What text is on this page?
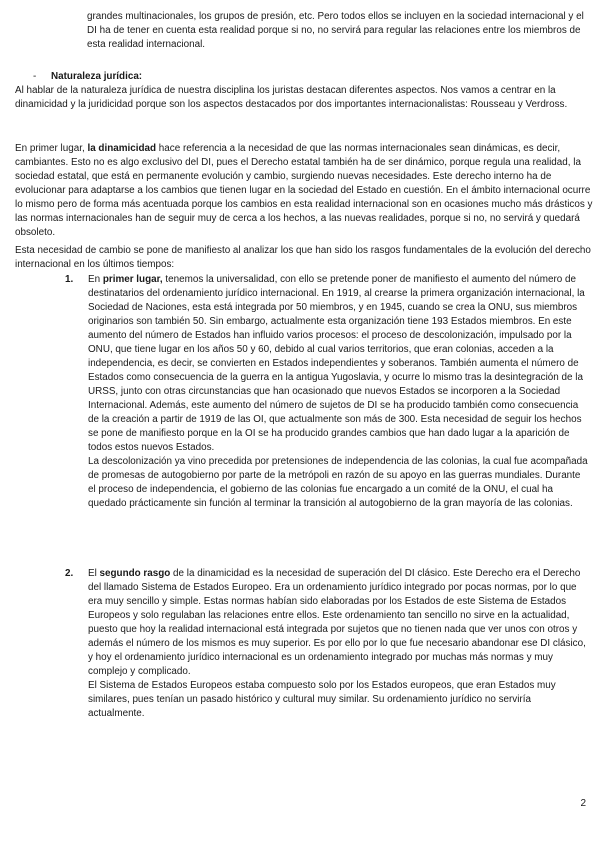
grandes multinacionales, los grupos de presión, etc. Pero todos ellos se incluyen en la sociedad internacional y el DI ha de tener en cuenta esta realidad porque si no, no servirá para regular las relaciones entre los miembros de esta realidad internacional.

- Naturaleza jurídica:

Al hablar de la naturaleza jurídica de nuestra disciplina los juristas destacan diferentes aspectos. Nos vamos a centrar en la dinamicidad y la juridicidad porque son los aspectos destacados por dos importantes internacionalistas: Rousseau y Verdross.

En primer lugar, la dinamicidad hace referencia a la necesidad de que las normas internacionales sean dinámicas, es decir, cambiantes. Esto no es algo exclusivo del DI, pues el Derecho estatal también ha de ser dinámico, porque regula una realidad, la sociedad estatal, que está en permanente evolución y cambio, surgiendo nuevas necesidades. Este derecho interno ha de evolucionar para adaptarse a los cambios que tienen lugar en la sociedad del Estado en cuestión. En el ámbito internacional ocurre lo mismo pero de forma más acentuada porque los cambios en esta realidad internacional son en ocasiones mucho más drásticos y las normas internacionales han de seguir muy de cerca a los hechos, a las nuevas realidades, porque si no, no servirá y quedará obsoleto.

Esta necesidad de cambio se pone de manifiesto al analizar los que han sido los rasgos fundamentales de la evolución del derecho internacional en los últimos tiempos:

1.	En primer lugar, tenemos la universalidad, con ello se pretende poner de manifiesto el aumento del número de destinatarios del ordenamiento jurídico internacional. En 1919, al crearse la primera organización internacional, la Sociedad de Naciones, esta está integrada por 50 miembros, y en 1945, cuando se crea la ONU, sus miembros originarios son también 50. Sin embargo, actualmente esta organización tiene 193 Estados miembros. En este aumento del número de Estados han influido varios procesos: el proceso de descolonización, impulsado por la ONU, que tiene lugar en los años 50 y 60, debido al cual varios territorios, que eran colonias, acceden a la independencia, es decir, se convierten en Estados independientes y soberanos. También aumenta el número de Estados como consecuencia de la guerra en la antigua Yugoslavia, y ocurre lo mismo tras la desintegración de la URSS, junto con otras circunstancias que han ocasionado que nuevos Estados se incorporen a la Sociedad Internacional. Además, este aumento del número de sujetos de DI se ha producido también como consecuencia de la creación a partir de 1919 de las OI, que actualmente son más de 300. Esta necesidad de seguir los hechos se pone de manifiesto porque en la OI se ha producido grandes cambios que han dado lugar a la aparición de todos estos nuevos Estados.

La descolonización ya vino precedida por pretensiones de independencia de las colonias, la cual fue acompañada de promesas de autogobierno por parte de la metrópoli en razón de su apoyo en las guerras mundiales. Durante el proceso de independencia, el gobierno de las colonias fue encargado a un comité de la ONU, el cual ha quedado prácticamente sin función al terminar la transición al autogobierno de la gran mayoría de las colonias.

2.	El segundo rasgo de la dinamicidad es la necesidad de superación del DI clásico. Este Derecho era el Derecho del llamado Sistema de Estados Europeo. Era un ordenamiento jurídico integrado por pocas normas, por lo que era muy sencillo y simple. Estas normas habían sido elaboradas por los Estados de este Sistema de Estados Europeos y solo regulaban las relaciones entre ellos. Este ordenamiento tan sencillo no sirve en la actualidad, puesto que hoy la realidad internacional está integrada por sujetos que no tienen nada que ver unos con otros y además el número de los mismos es muy superior. Es por ello por lo que fue necesario abandonar ese DI clásico, y hoy el ordenamiento jurídico internacional es un ordenamiento integrado por muchas más normas y muy complejo y complicado.

El Sistema de Estados Europeos estaba compuesto solo por los Estados europeos, que eran Estados muy similares, pues tenían un pasado histórico y cultural muy similar. Su ordenamiento jurídico no serviría actualmente.

2
